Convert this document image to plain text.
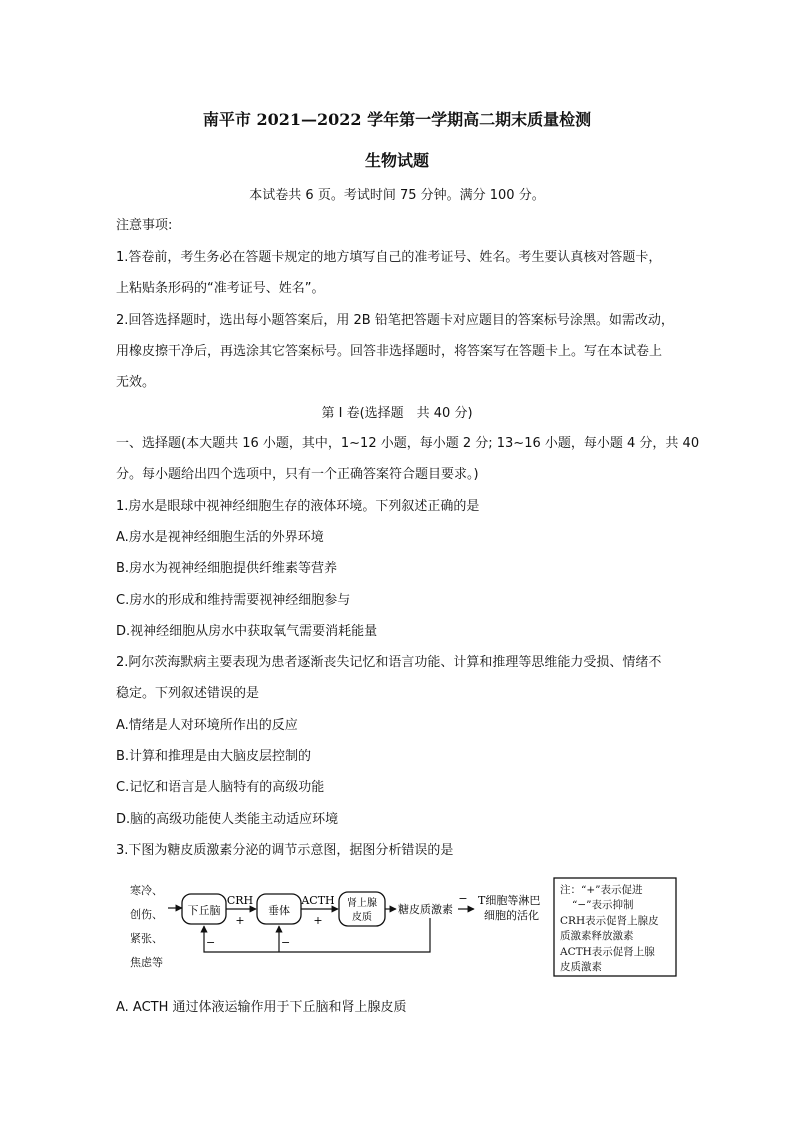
南平市 2021—2022 学年第一学期高二期末质量检测
生物试题
本试卷共 6 页。考试时间 75 分钟。满分 100 分。
注意事项:
1.答卷前，考生务必在答题卡规定的地方填写自己的准考证号、姓名。考生要认真核对答题卡，
上粘贴条形码的“准考证号、姓名”。
2.回答选择题时，选出每小题答案后，用 2B 铅笔把答题卡对应题目的答案标号涂黑。如需改动，
用橡皮擦干净后，再选涂其它答案标号。回答非选择题时，将答案写在答题卡上。写在本试卷上
无效。
第 Ⅰ 卷(选择题　共 40 分)
一、选择题(本大题共 16 小题，其中，1~12 小题，每小题 2 分; 13~16 小题，每小题 4 分，共 40
分。每小题给出四个选项中，只有一个正确答案符合题目要求。)
1.房水是眼球中视神经细胞生存的液体环境。下列叙述正确的是
A.房水是视神经细胞生活的外界环境
B.房水为视神经细胞提供纤维素等营养
C.房水的形成和维持需要视神经细胞参与
D.视神经细胞从房水中获取氧气需要消耗能量
2.阿尔茨海默病主要表现为患者逐渐丧失记忆和语言功能、计算和推理等思维能力受损、情绪不
稳定。下列叙述错误的是
A.情绪是人对环境所作出的反应
B.计算和推理是由大脑皮层控制的
C.记忆和语言是人脑特有的高级功能
D.脑的高级功能使人类能主动适应环境
3.下图为糖皮质激素分泌的调节示意图，据图分析错误的是
寒冷、
创伤、
紧张、
焦虑等
下丘脑
CRH
+
垂体
ACTH
+
肾上腺
皮质
糖皮质激素
− T细胞等淋巴
细胞的活化
−	−
注：“+”表示促进
“−”表示抑制
CRH表示促肾上腺皮
质激素释放激素
ACTH表示促肾上腺
皮质激素
A. ACTH 通过体液运输作用于下丘脑和肾上腺皮质
